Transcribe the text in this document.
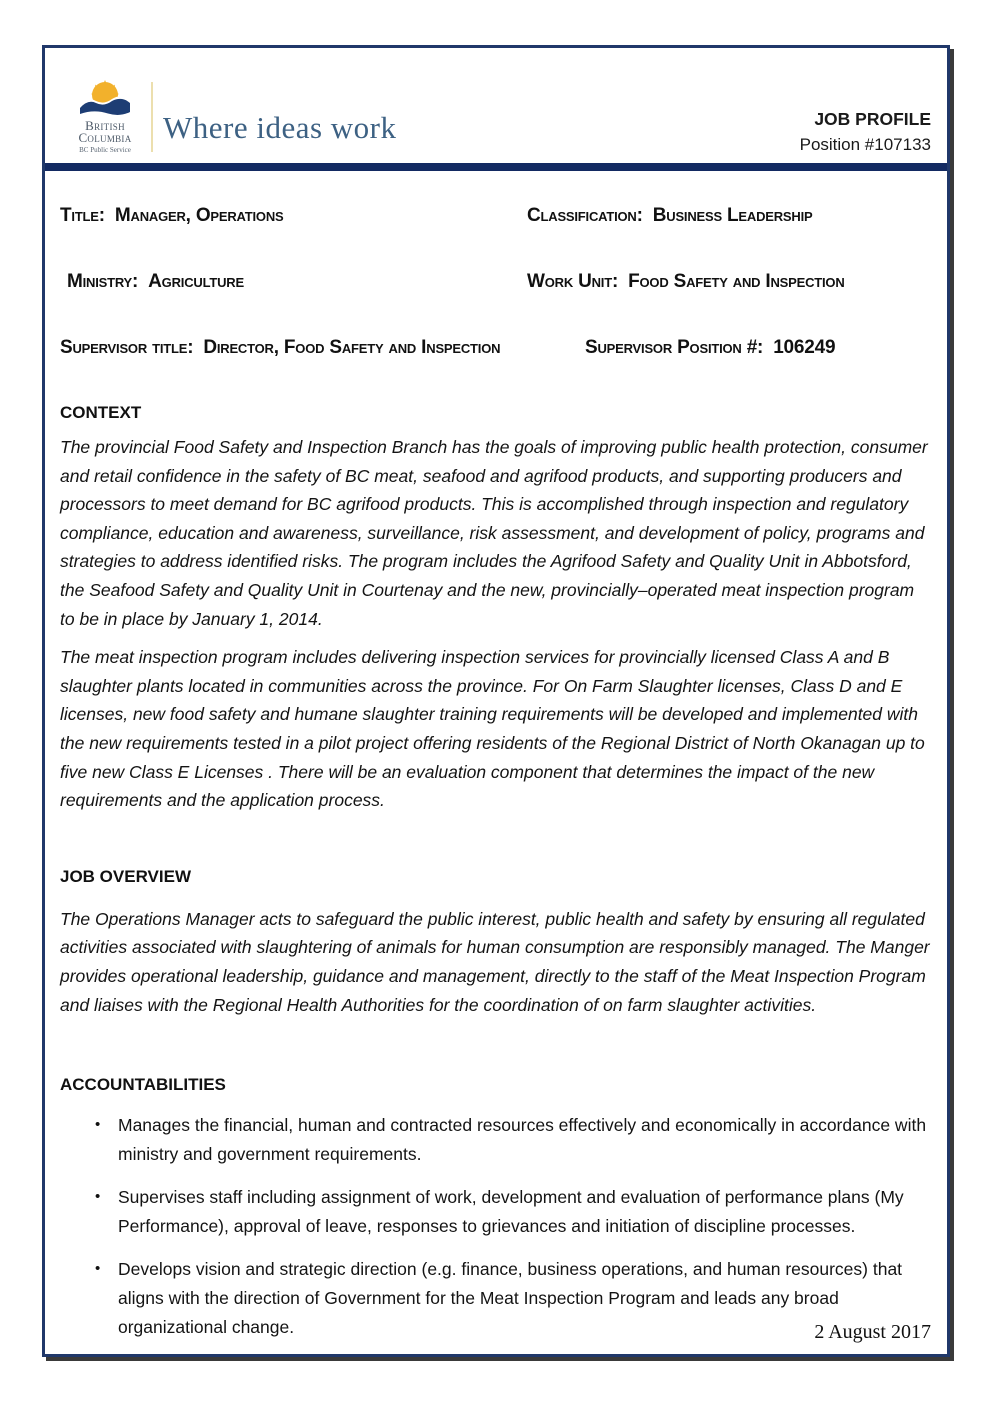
British
Columbia
BC Public Service
Where ideas work	JOB PROFILE
Position #107133
Title: Manager, Operations	Classification: Business Leadership
Ministry: Agriculture	Work Unit: Food Safety and Inspection
Supervisor title: Director, Food Safety and Inspection	Supervisor Position #: 106249
CONTEXT
The provincial Food Safety and Inspection Branch has the goals of improving public health protection, consumer and retail confidence in the safety of BC meat, seafood and agrifood products, and supporting producers and processors to meet demand for BC agrifood products. This is accomplished through inspection and regulatory compliance, education and awareness, surveillance, risk assessment, and development of policy, programs and strategies to address identified risks. The program includes the Agrifood Safety and Quality Unit in Abbotsford, the Seafood Safety and Quality Unit in Courtenay and the new, provincially–operated meat inspection program to be in place by January 1, 2014.
The meat inspection program includes delivering inspection services for provincially licensed Class A and B slaughter plants located in communities across the province. For On Farm Slaughter licenses, Class D and E licenses, new food safety and humane slaughter training requirements will be developed and implemented with the new requirements tested in a pilot project offering residents of the Regional District of North Okanagan up to five new Class E Licenses . There will be an evaluation component that determines the impact of the new requirements and the application process.
JOB OVERVIEW
The Operations Manager acts to safeguard the public interest, public health and safety by ensuring all regulated activities associated with slaughtering of animals for human consumption are responsibly managed. The Manger provides operational leadership, guidance and management, directly to the staff of the Meat Inspection Program and liaises with the Regional Health Authorities for the coordination of on farm slaughter activities.
ACCOUNTABILITIES
•	Manages the financial, human and contracted resources effectively and economically in accordance with ministry and government requirements.
•	Supervises staff including assignment of work, development and evaluation of performance plans (My Performance), approval of leave, responses to grievances and initiation of discipline processes.
•	Develops vision and strategic direction (e.g. finance, business operations, and human resources) that aligns with the direction of Government for the Meat Inspection Program and leads any broad organizational change.	2 August 2017
